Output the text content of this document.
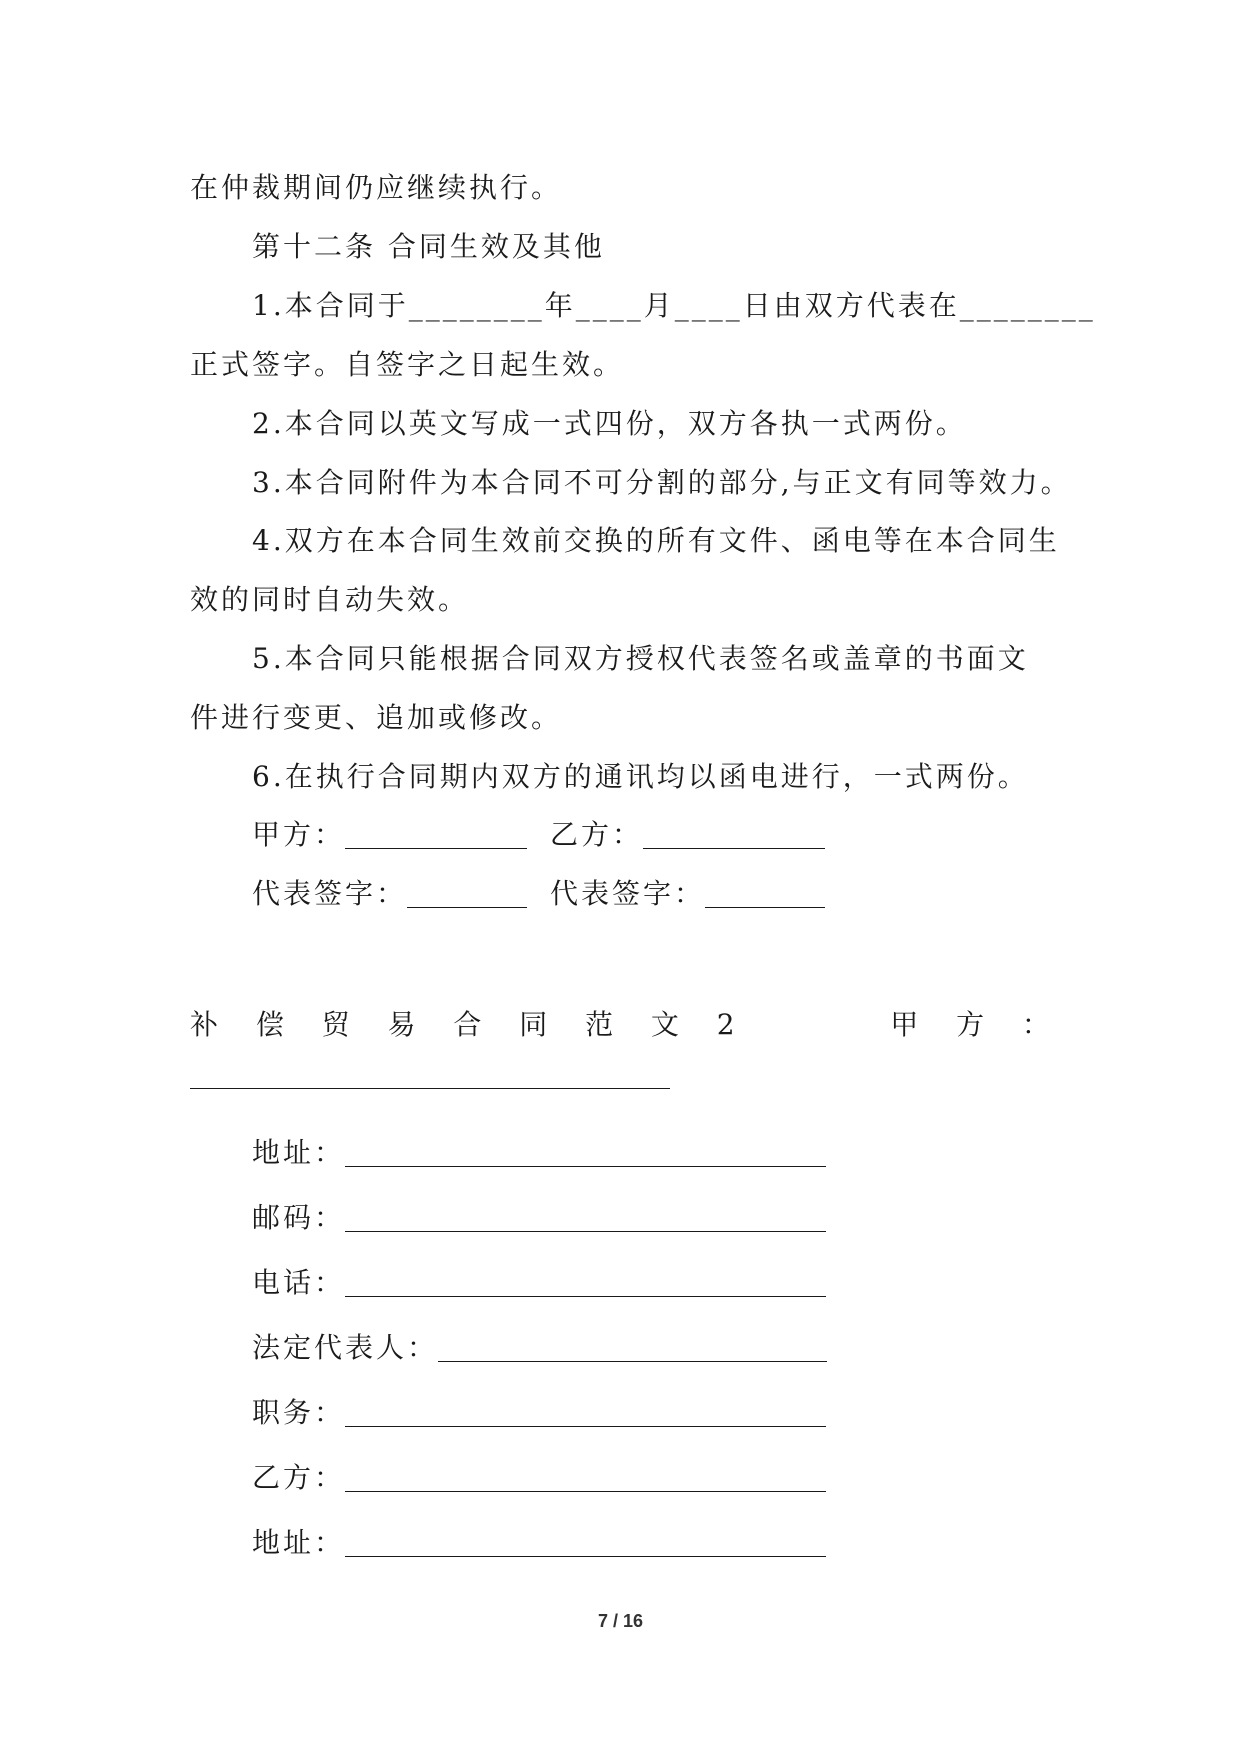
在仲裁期间仍应继续执行。
第十二条 合同生效及其他
1.本合同于________年____月____日由双方代表在________
正式签字。自签字之日起生效。
2.本合同以英文写成一式四份，双方各执一式两份。
3.本合同附件为本合同不可分割的部分,与正文有同等效力。
4.双方在本合同生效前交换的所有文件、函电等在本合同生
效的同时自动失效。
5.本合同只能根据合同双方授权代表签名或盖章的书面文
件进行变更、追加或修改。
6.在执行合同期内双方的通讯均以函电进行，一式两份。
甲方：	乙方：
代表签字：	代表签字：
补 偿 贸 易 合 同 范 文 2	甲 方 ：
地址：
邮码：
电话：
法定代表人：
职务：
乙方：
地址：
7 / 16
